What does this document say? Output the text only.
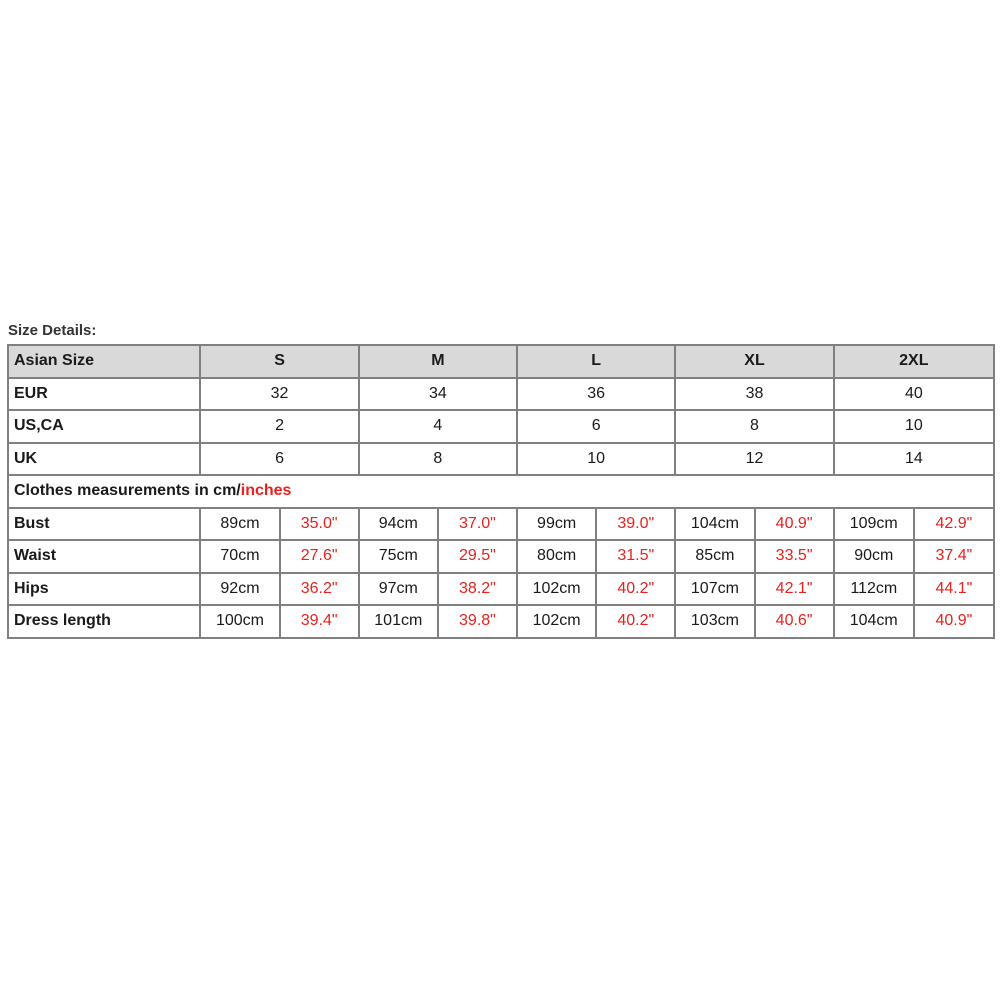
Size Details:
Asian Size	S		M		L		XL		2XL	
EUR	32		34		36		38		40	
US,CA	2		4		6		8		10	
UK	6		8		10		12		14	
Clothes measurements in cm/inches										
Bust	89cm	35.0"	94cm	37.0"	99cm	39.0"	104cm	40.9"	109cm	42.9"
Waist	70cm	27.6"	75cm	29.5"	80cm	31.5"	85cm	33.5"	90cm	37.4"
Hips	92cm	36.2"	97cm	38.2"	102cm	40.2"	107cm	42.1"	112cm	44.1"
Dress length	100cm	39.4"	101cm	39.8"	102cm	40.2"	103cm	40.6"	104cm	40.9"
